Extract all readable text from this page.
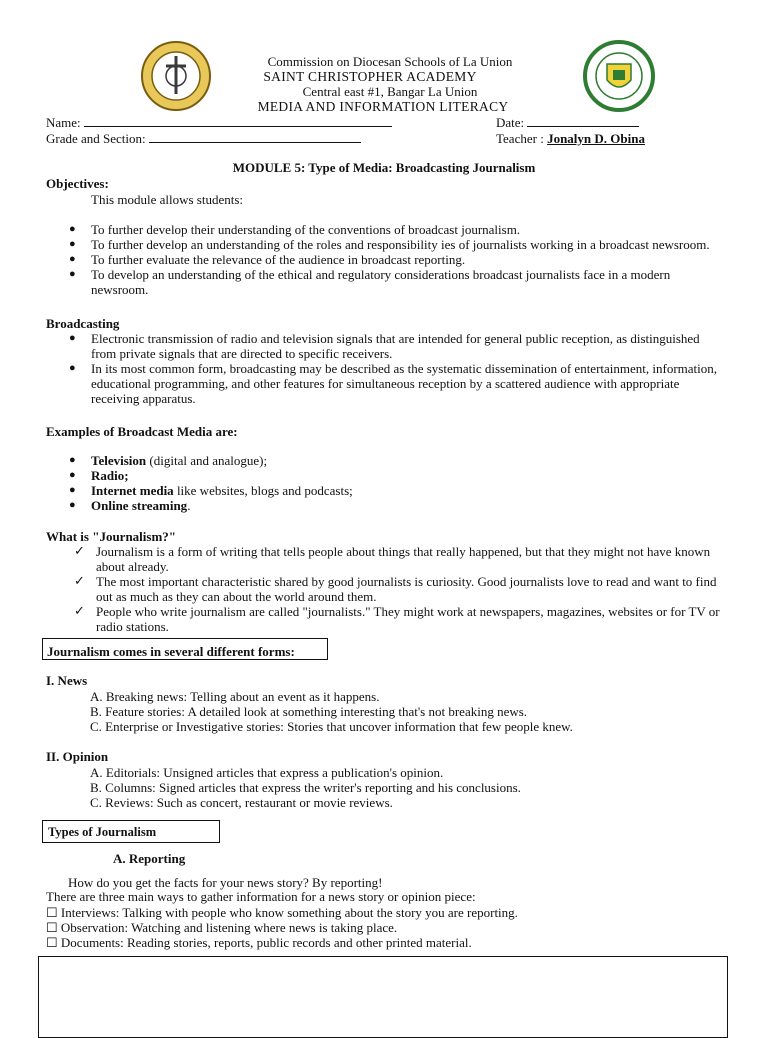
Commission on Diocesan Schools of La Union
SAINT CHRISTOPHER ACADEMY
Central east #1, Bangar La Union
MEDIA AND INFORMATION LITERACY
Name:	Date:
Grade and Section:	Teacher : Jonalyn D. Obina
MODULE 5: Type of Media: Broadcasting Journalism
Objectives:
This module allows students:
● To further develop their understanding of the conventions of broadcast journalism.
● To further develop an understanding of the roles and responsibility ies of journalists working in a broadcast newsroom.
● To further evaluate the relevance of the audience in broadcast reporting.
● To develop an understanding of the ethical and regulatory considerations broadcast journalists face in a modern newsroom.
Broadcasting
● Electronic transmission of radio and television signals that are intended for general public reception, as distinguished from private signals that are directed to specific receivers.
● In its most common form, broadcasting may be described as the systematic dissemination of entertainment, information, educational programming, and other features for simultaneous reception by a scattered audience with appropriate receiving apparatus.
Examples of Broadcast Media are:
● Television (digital and analogue);
● Radio;
● Internet media like websites, blogs and podcasts;
● Online streaming.
What is "Journalism?"
✓ Journalism is a form of writing that tells people about things that really happened, but that they might not have known about already.
✓ The most important characteristic shared by good journalists is curiosity. Good journalists love to read and want to find out as much as they can about the world around them.
✓ People who write journalism are called "journalists." They might work at newspapers, magazines, websites or for TV or radio stations.
Journalism comes in several different forms:
I. News
A. Breaking news: Telling about an event as it happens.
B. Feature stories: A detailed look at something interesting that's not breaking news.
C. Enterprise or Investigative stories: Stories that uncover information that few people knew.
II. Opinion
A. Editorials: Unsigned articles that express a publication's opinion.
B. Columns: Signed articles that express the writer's reporting and his conclusions.
C. Reviews: Such as concert, restaurant or movie reviews.
Types of Journalism
A. Reporting
How do you get the facts for your news story? By reporting!
There are three main ways to gather information for a news story or opinion piece:
☐ Interviews: Talking with people who know something about the story you are reporting.
☐ Observation: Watching and listening where news is taking place.
☐ Documents: Reading stories, reports, public records and other printed material.
